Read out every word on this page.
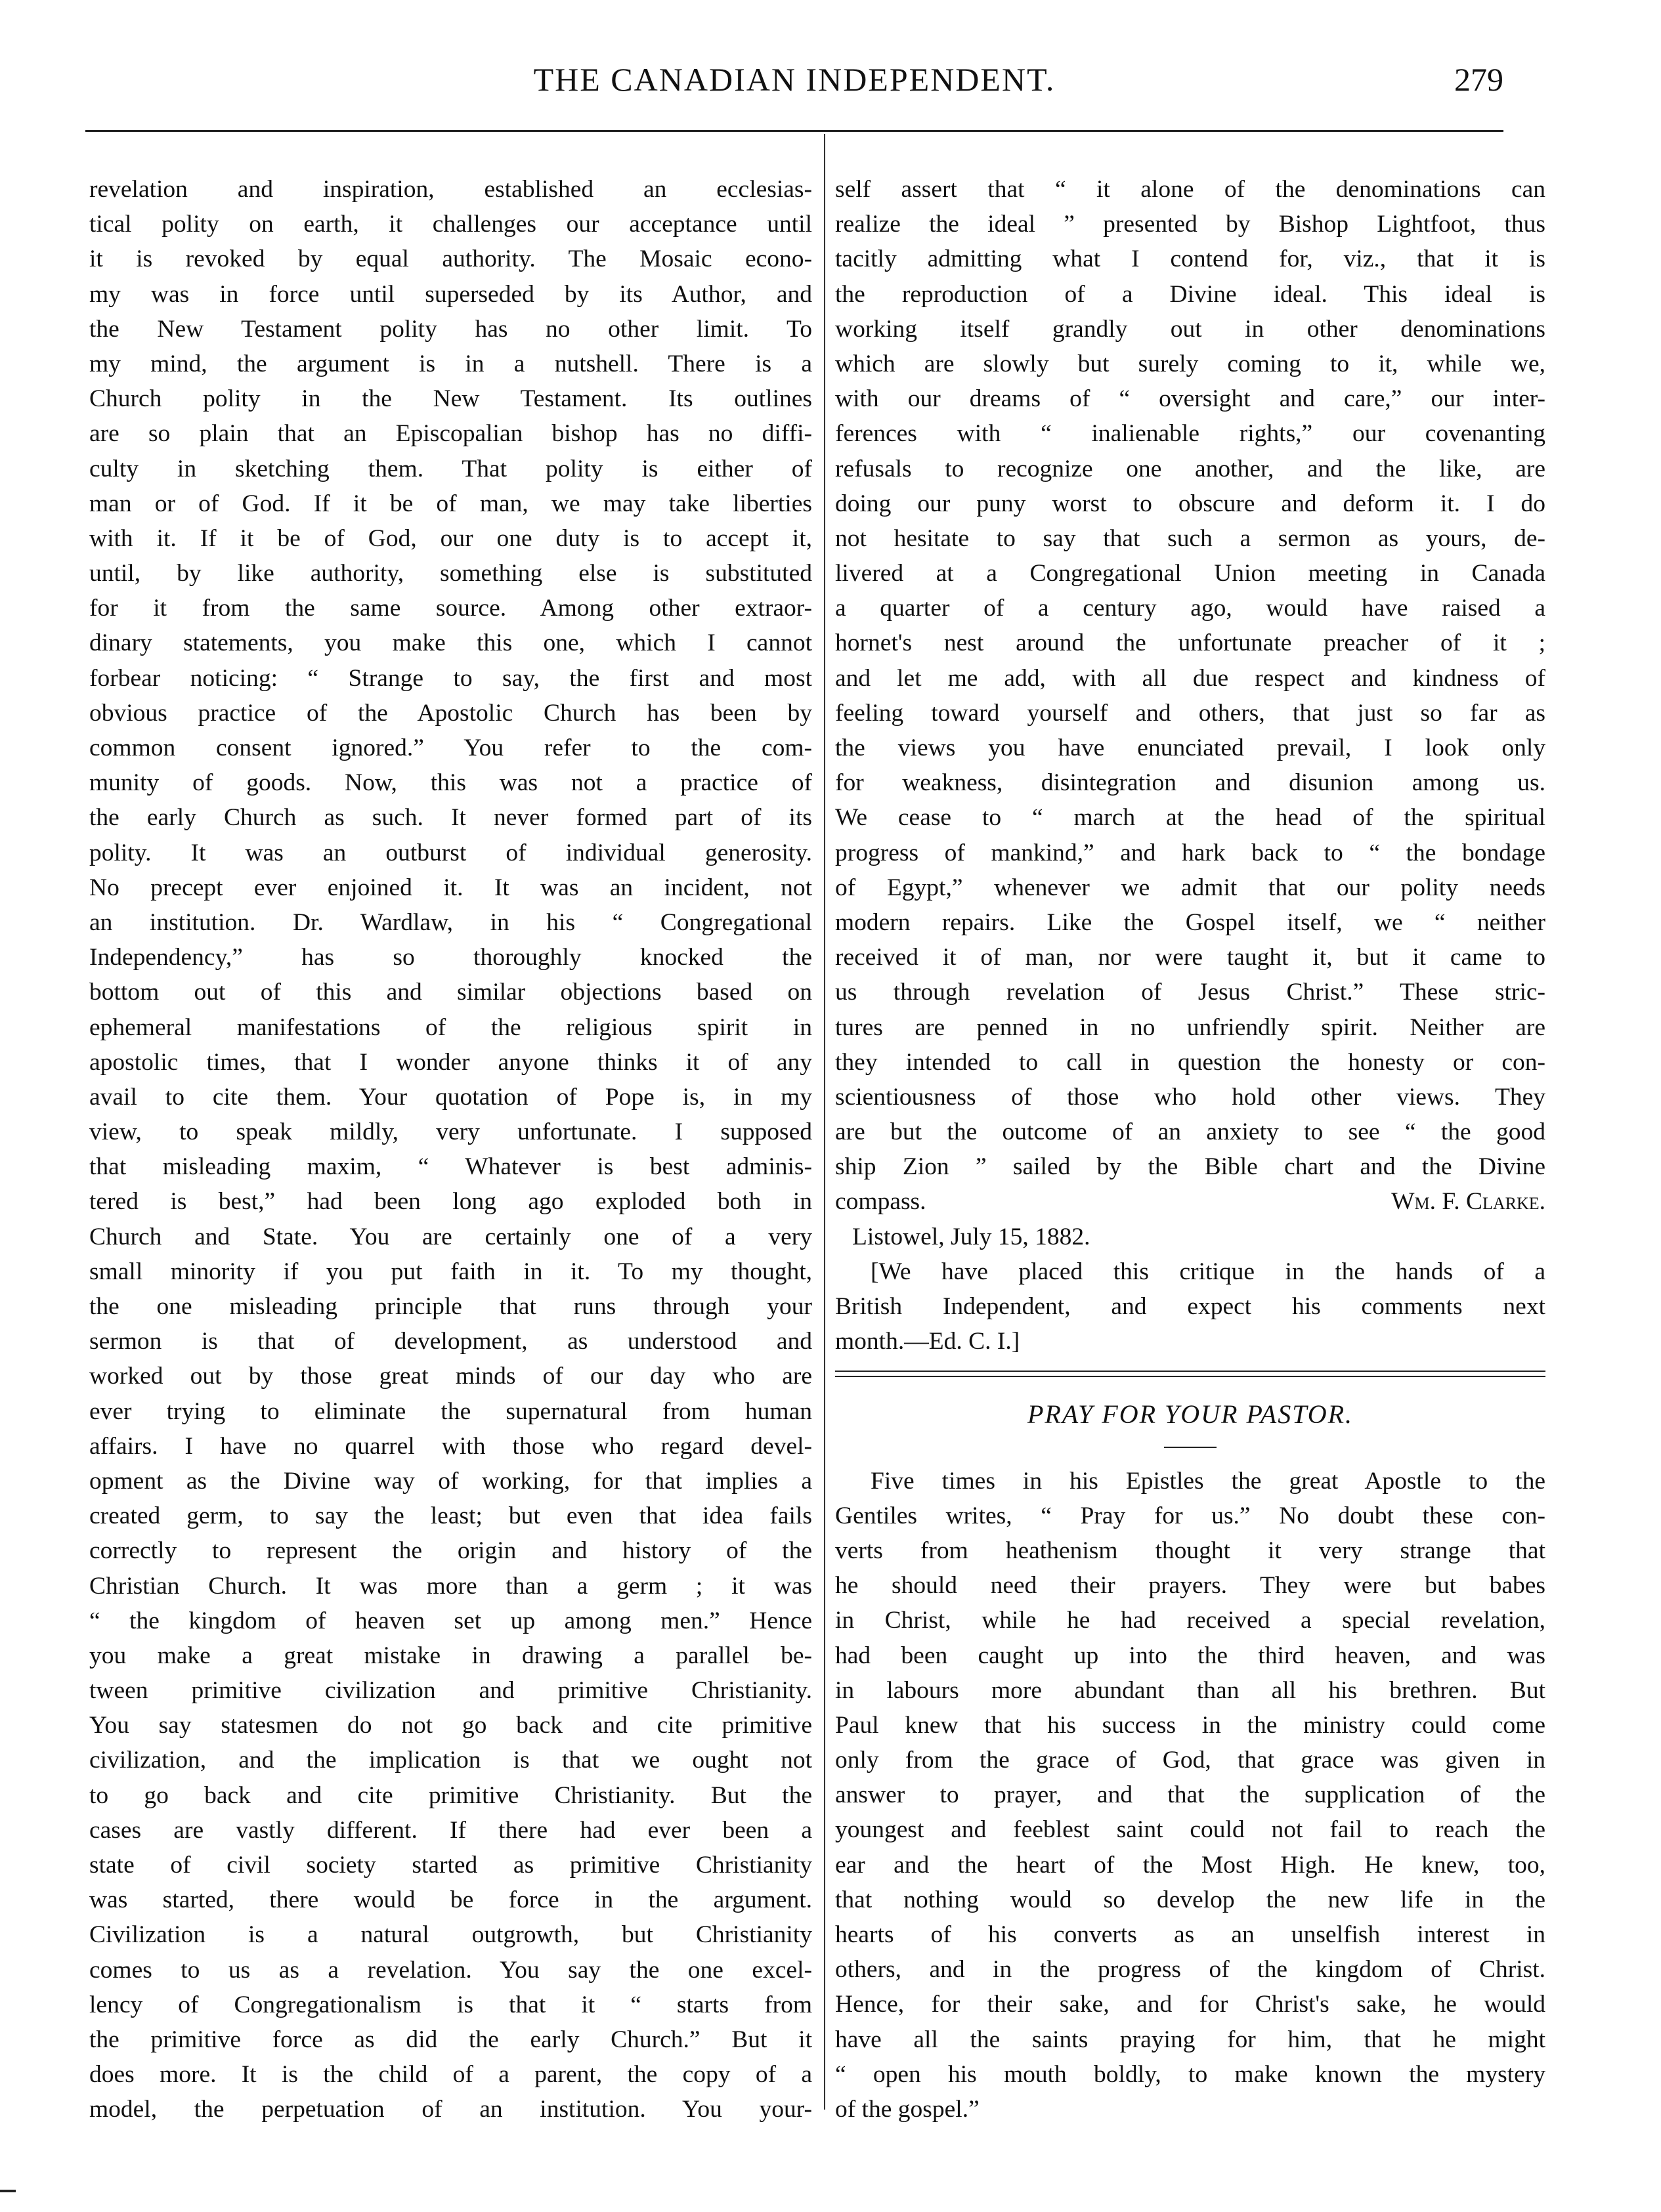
THE CANADIAN INDEPENDENT.	279
revelation and inspiration, established an ecclesias-
tical polity on earth, it challenges our acceptance until
it is revoked by equal authority. The Mosaic econo-
my was in force until superseded by its Author, and
the New Testament polity has no other limit. To
my mind, the argument is in a nutshell. There is a
Church polity in the New Testament. Its outlines
are so plain that an Episcopalian bishop has no diffi-
culty in sketching them. That polity is either of
man or of God. If it be of man, we may take liberties
with it. If it be of God, our one duty is to accept it,
until, by like authority, something else is substituted
for it from the same source. Among other extraor-
dinary statements, you make this one, which I cannot
forbear noticing: “ Strange to say, the first and most
obvious practice of the Apostolic Church has been by
common consent ignored.” You refer to the com-
munity of goods. Now, this was not a practice of
the early Church as such. It never formed part of its
polity. It was an outburst of individual generosity.
No precept ever enjoined it. It was an incident, not
an institution. Dr. Wardlaw, in his “ Congregational
Independency,” has so thoroughly knocked the
bottom out of this and similar objections based on
ephemeral manifestations of the religious spirit in
apostolic times, that I wonder anyone thinks it of any
avail to cite them. Your quotation of Pope is, in my
view, to speak mildly, very unfortunate. I supposed
that misleading maxim, “ Whatever is best adminis-
tered is best,” had been long ago exploded both in
Church and State. You are certainly one of a very
small minority if you put faith in it. To my thought,
the one misleading principle that runs through your
sermon is that of development, as understood and
worked out by those great minds of our day who are
ever trying to eliminate the supernatural from human
affairs. I have no quarrel with those who regard devel-
opment as the Divine way of working, for that implies a
created germ, to say the least; but even that idea fails
correctly to represent the origin and history of the
Christian Church. It was more than a germ ; it was
“ the kingdom of heaven set up among men.” Hence
you make a great mistake in drawing a parallel be-
tween primitive civilization and primitive Christianity.
You say statesmen do not go back and cite primitive
civilization, and the implication is that we ought not
to go back and cite primitive Christianity. But the
cases are vastly different. If there had ever been a
state of civil society started as primitive Christianity
was started, there would be force in the argument.
Civilization is a natural outgrowth, but Christianity
comes to us as a revelation. You say the one excel-
lency of Congregationalism is that it “ starts from
the primitive force as did the early Church.” But it
does more. It is the child of a parent, the copy of a
model, the perpetuation of an institution. You your-
self assert that “ it alone of the denominations can
realize the ideal ” presented by Bishop Lightfoot, thus
tacitly admitting what I contend for, viz., that it is
the reproduction of a Divine ideal. This ideal is
working itself grandly out in other denominations
which are slowly but surely coming to it, while we,
with our dreams of “ oversight and care,” our inter-
ferences with “ inalienable rights,” our covenanting
refusals to recognize one another, and the like, are
doing our puny worst to obscure and deform it. I do
not hesitate to say that such a sermon as yours, de-
livered at a Congregational Union meeting in Canada
a quarter of a century ago, would have raised a
hornet's nest around the unfortunate preacher of it ;
and let me add, with all due respect and kindness of
feeling toward yourself and others, that just so far as
the views you have enunciated prevail, I look only
for weakness, disintegration and disunion among us.
We cease to “ march at the head of the spiritual
progress of mankind,” and hark back to “ the bondage
of Egypt,” whenever we admit that our polity needs
modern repairs. Like the Gospel itself, we “ neither
received it of man, nor were taught it, but it came to
us through revelation of Jesus Christ.” These stric-
tures are penned in no unfriendly spirit. Neither are
they intended to call in question the honesty or con-
scientiousness of those who hold other views. They
are but the outcome of an anxiety to see “ the good
ship Zion ” sailed by the Bible chart and the Divine
compass.	Wm. F. Clarke.
Listowel, July 15, 1882.
[We have placed this critique in the hands of a
British Independent, and expect his comments next
month.—Ed. C. I.]
PRAY FOR YOUR PASTOR.
Five times in his Epistles the great Apostle to the
Gentiles writes, “ Pray for us.” No doubt these con-
verts from heathenism thought it very strange that
he should need their prayers. They were but babes
in Christ, while he had received a special revelation,
had been caught up into the third heaven, and was
in labours more abundant than all his brethren. But
Paul knew that his success in the ministry could come
only from the grace of God, that grace was given in
answer to prayer, and that the supplication of the
youngest and feeblest saint could not fail to reach the
ear and the heart of the Most High. He knew, too,
that nothing would so develop the new life in the
hearts of his converts as an unselfish interest in
others, and in the progress of the kingdom of Christ.
Hence, for their sake, and for Christ's sake, he would
have all the saints praying for him, that he might
“ open his mouth boldly, to make known the mystery
of the gospel.”
